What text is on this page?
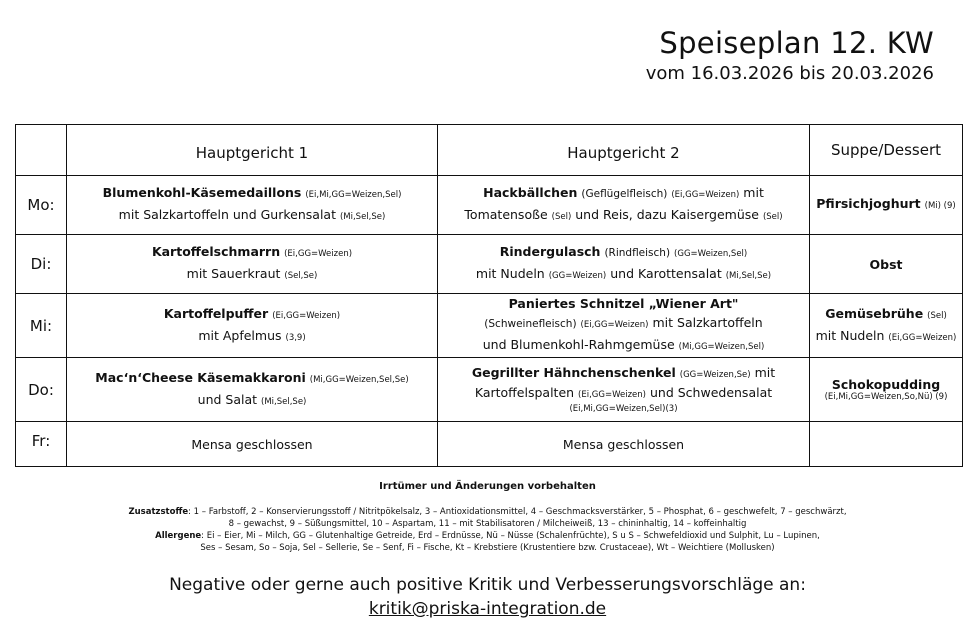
Speiseplan 12. KW
vom 16.03.2026 bis 20.03.2026
	Hauptgericht 1	Hauptgericht 2	Suppe/Dessert
Mo:	Blumenkohl-Käsemedaillons (Ei,Mi,GG=Weizen,Sel)
mit Salzkartoffeln und Gurkensalat (Mi,Sel,Se)	Hackbällchen (Geflügelfleisch) (Ei,GG=Weizen) mit
Tomatensoße (Sel) und Reis, dazu Kaisergemüse (Sel)	Pfirsichjoghurt (Mi) (9)
Di:	Kartoffelschmarrn (Ei,GG=Weizen)
mit Sauerkraut (Sel,Se)	Rindergulasch (Rindfleisch) (GG=Weizen,Sel)
mit Nudeln (GG=Weizen) und Karottensalat (Mi,Sel,Se)	Obst
Mi:	Kartoffelpuffer (Ei,GG=Weizen)
mit Apfelmus (3,9)	Paniertes Schnitzel „Wiener Art"
(Schweinefleisch) (Ei,GG=Weizen) mit Salzkartoffeln
und Blumenkohl-Rahmgemüse (Mi,GG=Weizen,Sel)	Gemüsebrühe (Sel)
mit Nudeln (Ei,GG=Weizen)
Do:	Mac‘n‘Cheese Käsemakkaroni (Mi,GG=Weizen,Sel,Se)
und Salat (Mi,Sel,Se)	Gegrillter Hähnchenschenkel (GG=Weizen,Se) mit
Kartoffelspalten (Ei,GG=Weizen) und Schwedensalat
(Ei,Mi,GG=Weizen,Sel)(3)	Schokopudding
(Ei,Mi,GG=Weizen,So,Nü) (9)

Fr:	Mensa geschlossen	Mensa geschlossen	
Irrtümer und Änderungen vorbehalten
Zusatzstoffe: 1 – Farbstoff, 2 – Konservierungsstoff / Nitritpökelsalz, 3 – Antioxidationsmittel, 4 – Geschmacksverstärker, 5 – Phosphat, 6 – geschwefelt, 7 – geschwärzt,
8 – gewachst, 9 – Süßungsmittel, 10 – Aspartam, 11 – mit Stabilisatoren / Milcheiweiß, 13 – chininhaltig, 14 – koffeinhaltig
Allergene: Ei – Eier, Mi – Milch, GG – Glutenhaltige Getreide, Erd – Erdnüsse, Nü – Nüsse (Schalenfrüchte), S u S – Schwefeldioxid und Sulphit, Lu – Lupinen,
Ses – Sesam, So – Soja, Sel – Sellerie, Se – Senf, Fi – Fische, Kt – Krebstiere (Krustentiere bzw. Crustaceae), Wt – Weichtiere (Mollusken)
Negative oder gerne auch positive Kritik und Verbesserungsvorschläge an:
kritik@priska-integration.de
